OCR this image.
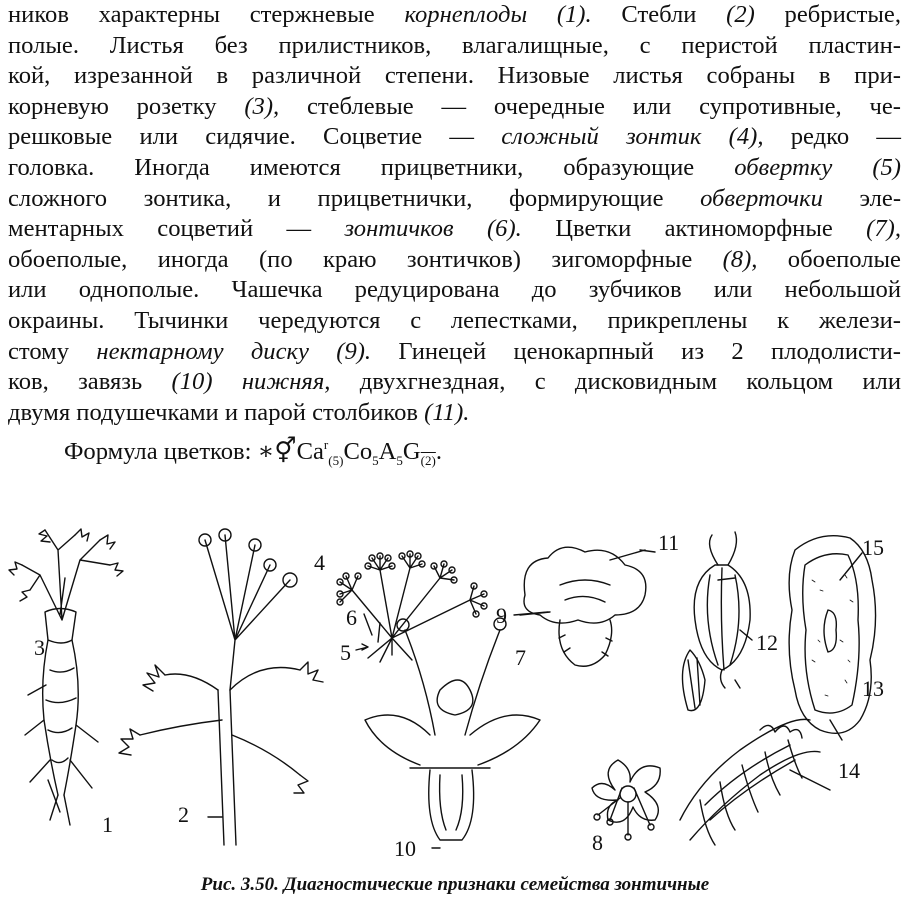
ников характерны стержневые корнеплоды (1). Стебли (2) ребристые,
полые. Листья без прилистников, влагалищные, с перистой пластин-
кой, изрезанной в различной степени. Низовые листья собраны в при-
корневую розетку (3), стеблевые — очередные или супротивные, че-
решковые или сидячие. Соцветие — сложный зонтик (4), редко —
головка. Иногда имеются прицветники, образующие обвертку (5)
сложного зонтика, и прицветнички, формирующие обверточки эле-
ментарных соцветий — зонтичков (6). Цветки актиноморфные (7),
обоеполые, иногда (по краю зонтичков) зигоморфные (8), обоеполые
или однополые. Чашечка редуцирована до зубчиков или небольшой
окраины. Тычинки чередуются с лепестками, прикреплены к желези-
стому нектарному диску (9). Гинецей ценокарпный из 2 плодолисти-
ков, завязь (10) нижняя, двухгнездная, с дисковидным кольцом или
двумя подушечками и парой столбиков (11).
Формула цветков: $∗⚥Ca^r_{(5)}Co_5A_5G_{(2)}$.
1	2
3
4
5
6
7
8
9
10
11
12
13
14
15
Рис. 3.50. Диагностические признаки семейства зонтичные
